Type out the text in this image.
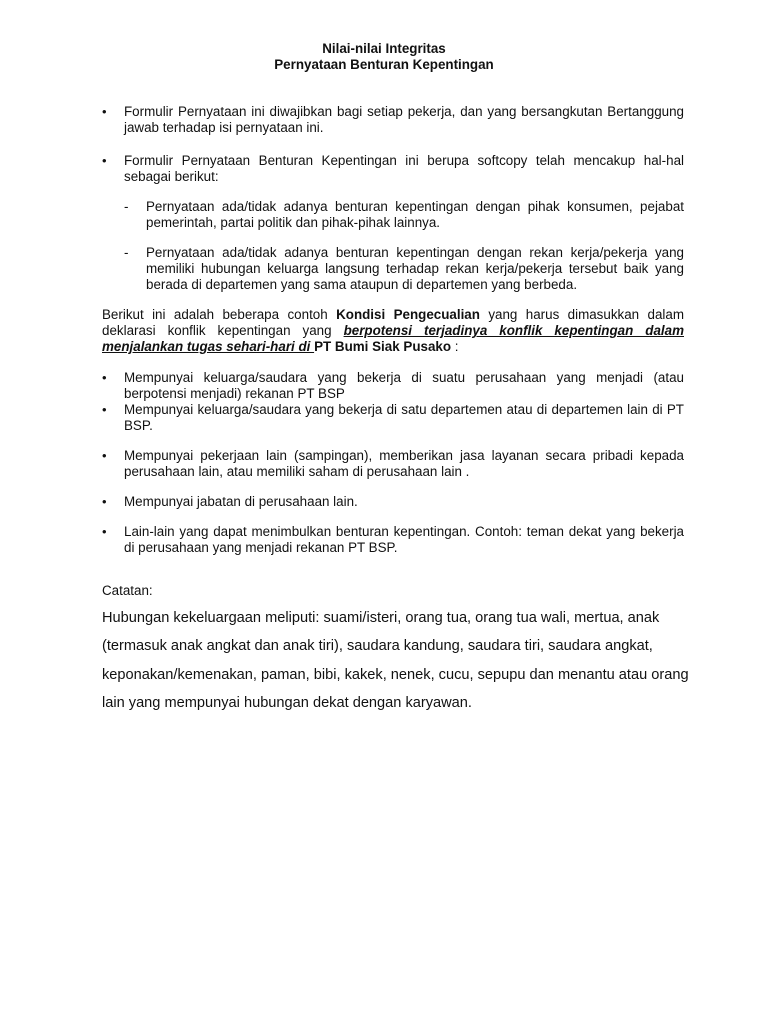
Nilai-nilai Integritas
Pernyataan Benturan Kepentingan
•	Formulir Pernyataan ini diwajibkan bagi setiap pekerja, dan yang bersangkutan Bertanggung jawab terhadap isi pernyataan ini.
•	Formulir Pernyataan Benturan Kepentingan ini berupa softcopy telah mencakup hal-hal sebagai berikut:
- Pernyataan ada/tidak adanya benturan kepentingan dengan pihak konsumen, pejabat pemerintah, partai politik dan pihak-pihak lainnya.
- Pernyataan ada/tidak adanya benturan kepentingan dengan rekan kerja/pekerja yang memiliki hubungan keluarga langsung terhadap rekan kerja/pekerja tersebut baik yang berada di departemen yang sama ataupun di departemen yang berbeda.
Berikut ini adalah beberapa contoh Kondisi Pengecualian yang harus dimasukkan dalam deklarasi konflik kepentingan yang berpotensi terjadinya konflik kepentingan dalam menjalankan tugas sehari-hari di PT Bumi Siak Pusako :
•	Mempunyai keluarga/saudara yang bekerja di suatu perusahaan yang menjadi (atau berpotensi menjadi) rekanan PT BSP
•	Mempunyai keluarga/saudara yang bekerja di satu departemen atau di departemen lain di PT BSP.
•	Mempunyai pekerjaan lain (sampingan), memberikan jasa layanan secara pribadi kepada perusahaan lain, atau memiliki saham di perusahaan lain .
•	Mempunyai jabatan di perusahaan lain.
•	Lain-lain yang dapat menimbulkan benturan kepentingan. Contoh: teman dekat yang bekerja di perusahaan yang menjadi rekanan PT BSP.
Catatan:
Hubungan kekeluargaan meliputi: suami/isteri, orang tua, orang tua wali, mertua, anak (termasuk anak angkat dan anak tiri), saudara kandung, saudara tiri, saudara angkat, keponakan/kemenakan, paman, bibi, kakek, nenek, cucu, sepupu dan menantu atau orang lain yang mempunyai hubungan dekat dengan karyawan.
